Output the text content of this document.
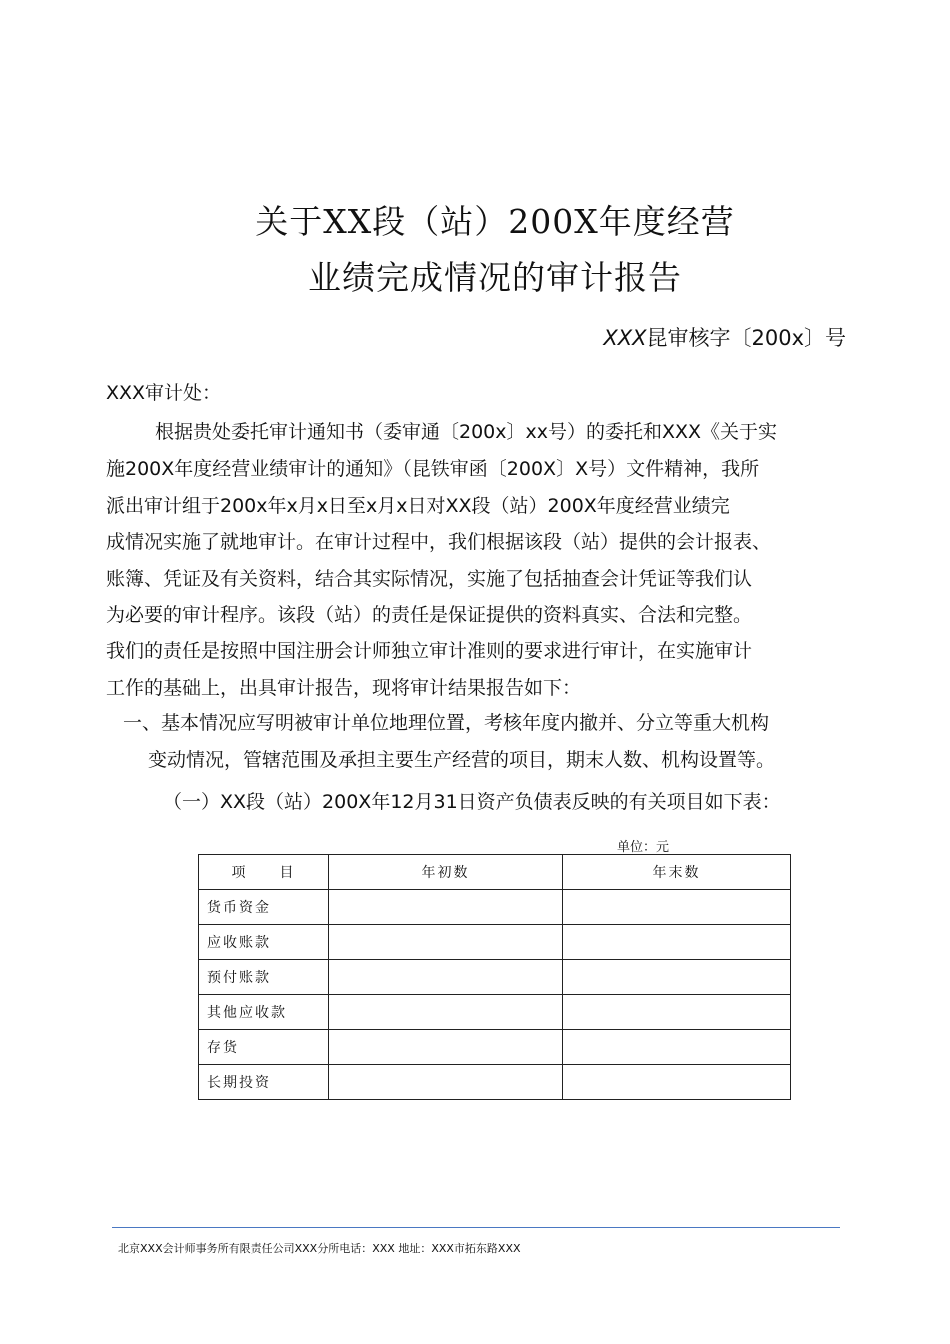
关于XX段（站）200X年度经营
业绩完成情况的审计报告
XXX昆审核字〔200x〕号
XXX审计处：
根据贵处委托审计通知书（委审通〔200x〕xx号）的委托和XXX《关于实
施200X年度经营业绩审计的通知》（昆铁审函〔200X〕X号）文件精神，我所
派出审计组于200x年x月x日至x月x日对XX段（站）200X年度经营业绩完
成情况实施了就地审计。在审计过程中，我们根据该段（站）提供的会计报表、
账簿、凭证及有关资料，结合其实际情况，实施了包括抽查会计凭证等我们认
为必要的审计程序。该段（站）的责任是保证提供的资料真实、合法和完整。
我们的责任是按照中国注册会计师独立审计准则的要求进行审计，在实施审计
工作的基础上，出具审计报告，现将审计结果报告如下：
一、基本情况应写明被审计单位地理位置，考核年度内撤并、分立等重大机构
变动情况，管辖范围及承担主要生产经营的项目，期末人数、机构设置等。
（一）XX段（站）200X年12月31日资产负债表反映的有关项目如下表：
单位：元
项　　目	年初数	年末数
货币资金		
应收账款		
预付账款		
其他应收款		
存货		
长期投资		
北京XXX会计师事务所有限责任公司XXX分所电话：XXX 地址：XXX市拓东路XXX
